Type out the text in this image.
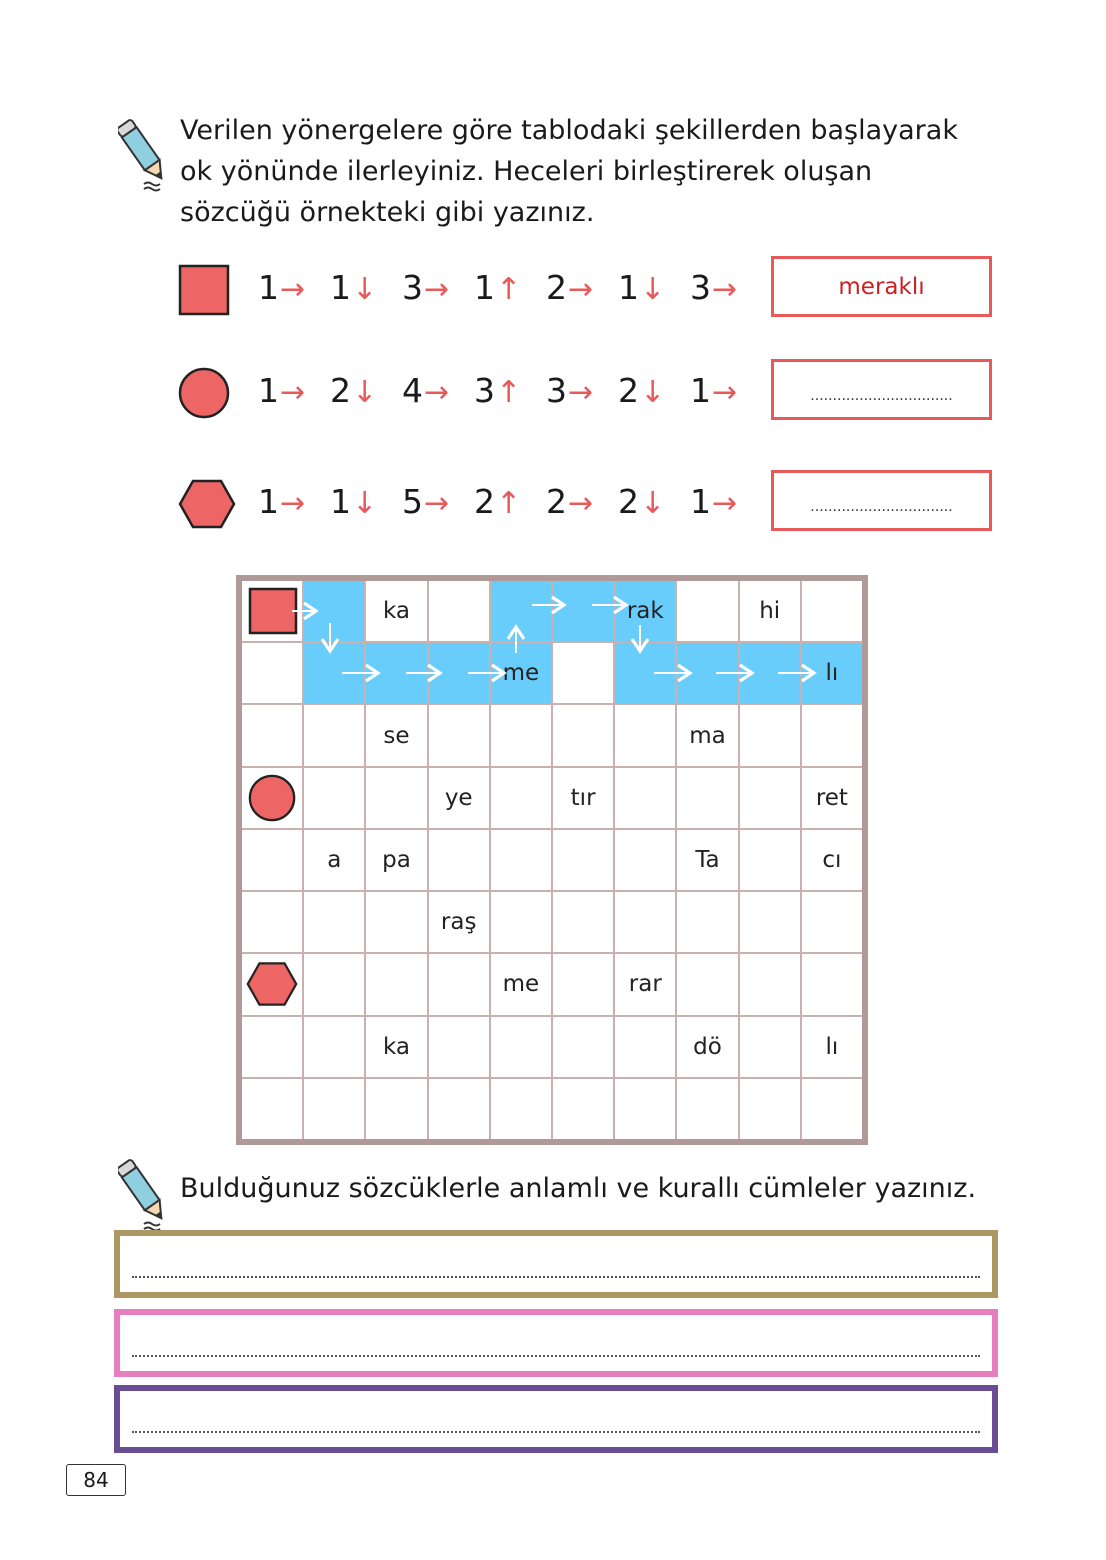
Verilen yönergelere göre tablodaki şekillerden başlayarak ok yönünde ilerleyiniz. Heceleri birleştirerek oluşan sözcüğü örnekteki gibi yazınız.

1→ 1↓ 3→ 1↑ 2→ 1↓ 3→	meraklı
1→ 2↓ 4→ 3↑ 3→ 2↓ 1→	................................
1→ 1↓ 5→ 2↑ 2→ 2↓ 1→	................................
ka	rak	hi
me	lı
se	ma
ye	tır	ret
a pa	Ta	cı
raş
me	rar
ka	dö	lı

Bulduğunuz sözcüklerle anlamlı ve kurallı cümleler yazınız.

84
